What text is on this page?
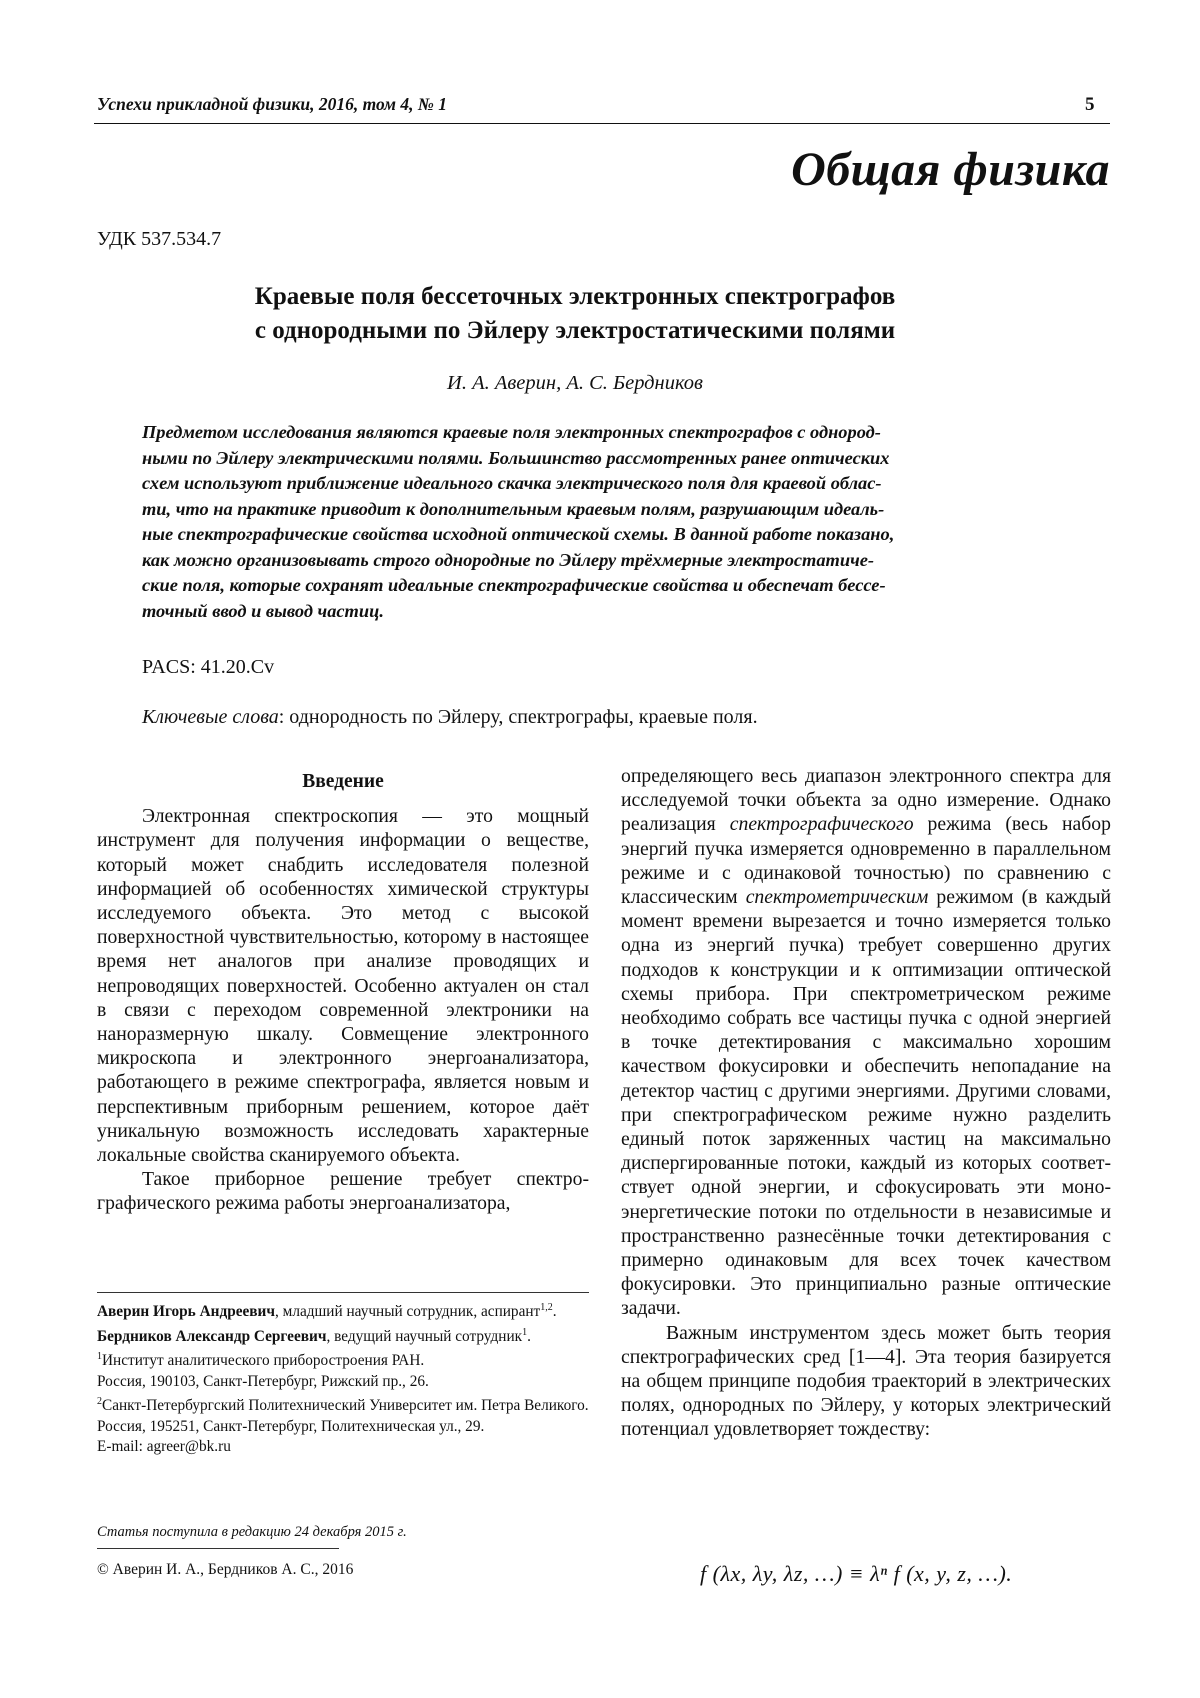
Успехи прикладной физики, 2016, том 4, № 1	5
Общая физика
УДК 537.534.7
Краевые поля бессеточных электронных спектрографов
с однородными по Эйлеру электростатическими полями
И. А. Аверин, А. С. Бердников
Предметом исследования являются краевые поля электронных спектрографов с однород-
ными по Эйлеру электрическими полями. Большинство рассмотренных ранее оптических
схем используют приближение идеального скачка электрического поля для краевой облас-
ти, что на практике приводит к дополнительным краевым полям, разрушающим идеаль-
ные спектрографические свойства исходной оптической схемы. В данной работе показано,
как можно организовывать строго однородные по Эйлеру трёхмерные электростатиче-
ские поля, которые сохранят идеальные спектрографические свойства и обеспечат бессе-
точный ввод и вывод частиц.
PACS: 41.20.Cv
Ключевые слова: однородность по Эйлеру, спектрографы, краевые поля.
Введение

Электронная спектроскопия — это мощный инструмент для получения информации о веществе, который может снабдить исследователя полезной информацией об особенностях химической структуры исследуемого объекта. Это метод с высокой поверхностной чувствительностью, которому в настоящее время нет аналогов при анализе проводящих и непроводящих поверхностей. Особенно актуален он стал в связи с переходом современной электроники на наноразмерную шкалу. Совмещение электронного микроскопа и электронного энергоанализатора, работающего в режиме спектрографа, является новым и перспективным приборным решением, которое даёт уникальную возможность исследовать характерные локальные свойства сканируемого объекта.

Такое приборное решение требует спектрографического режима работы энергоанализатора,

определяющего весь диапазон электронного спектра для исследуемой точки объекта за одно измерение. Однако реализация спектрографического режима (весь набор энергий пучка измеряется одновременно в параллельном режиме и с одинаковой точностью) по сравнению с классическим спектрометрическим режимом (в каждый момент времени вырезается и точно измеряется только одна из энергий пучка) требует совершенно других подходов к конструкции и к оптимизации оптической схемы прибора. При спектрометрическом режиме необходимо собрать все частицы пучка с одной энергией в точке детектирования с максимально хорошим качеством фокусировки и обеспечить непопадание на детектор частиц с другими энергиями. Другими словами, при спектрографическом режиме нужно разделить единый поток заряженных частиц на максимально диспергированные потоки, каждый из которых соответствует одной энергии, и сфокусировать эти моноэнергетические потоки по отдельности в независимые и пространственно разнесённые точки детектирования с примерно одинаковым для всех точек качеством фокусировки. Это принципиально разные оптические задачи.

Важным инструментом здесь может быть теория спектрографических сред [1—4]. Эта теория базируется на общем принципе подобия траекторий в электрических полях, однородных по Эйлеру, у которых электрический потенциал удовлетворяет тождеству:

f (λx, λy, λz, …) ≡ λⁿ f (x, y, z, …).
Аверин Игорь Андреевич, младший научный сотрудник, аспирант$^{1,2}$.
Бердников Александр Сергеевич, ведущий научный сотрудник$^1$.
$^1$Институт аналитического приборостроения РАН.
Россия, 190103, Санкт-Петербург, Рижский пр., 26.
$^2$Санкт-Петербургский Политехнический Университет им. Петра Великого.
Россия, 195251, Санкт-Петербург, Политехническая ул., 29.
E-mail: agreer@bk.ru
Статья поступила в редакцию 24 декабря 2015 г.
© Аверин И. А., Бердников А. С., 2016
